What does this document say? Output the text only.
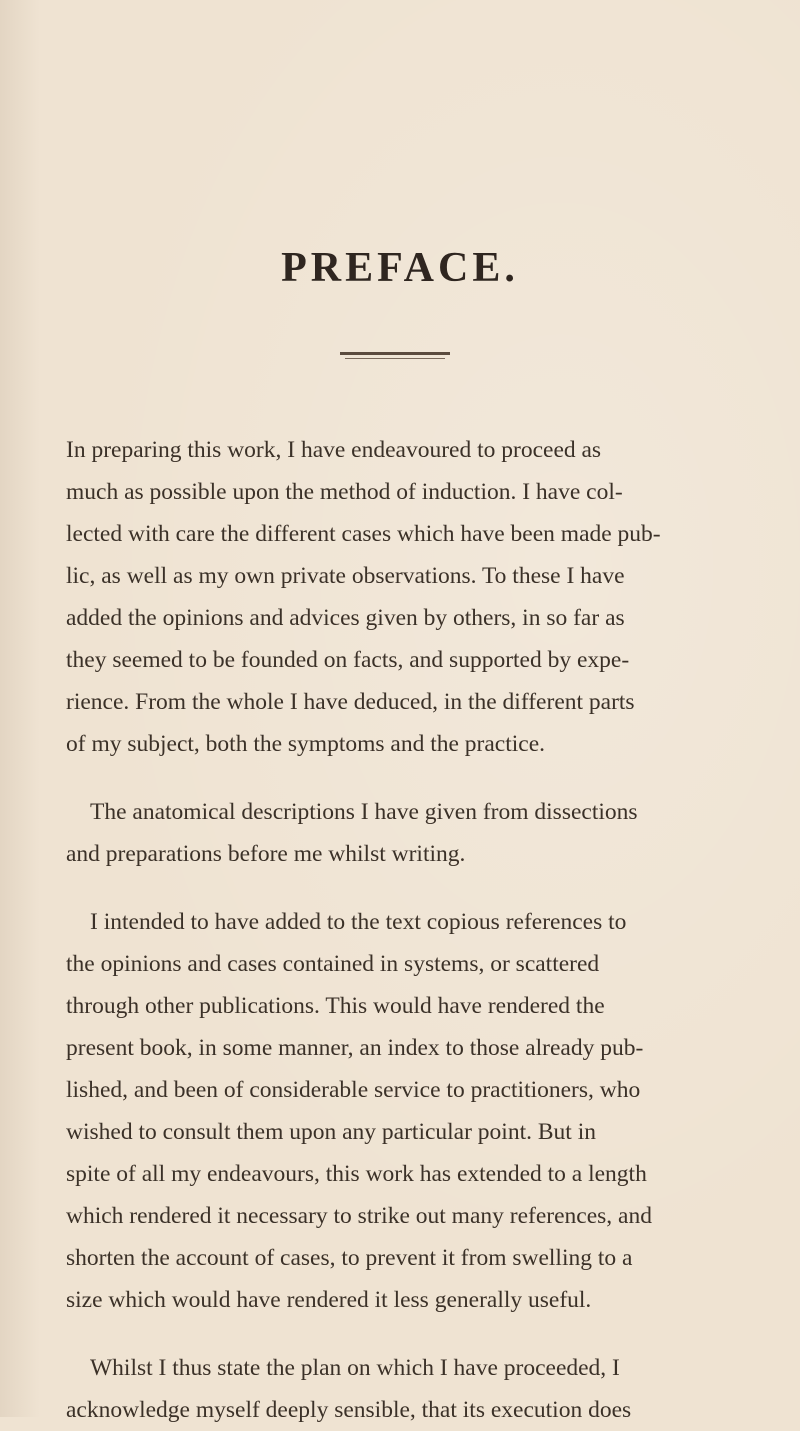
PREFACE.

In preparing this work, I have endeavoured to proceed as
much as possible upon the method of induction. I have col-
lected with care the different cases which have been made pub-
lic, as well as my own private observations. To these I have
added the opinions and advices given by others, in so far as
they seemed to be founded on facts, and supported by expe-
rience. From the whole I have deduced, in the different parts
of my subject, both the symptoms and the practice.

The anatomical descriptions I have given from dissections
and preparations before me whilst writing.

I intended to have added to the text copious references to
the opinions and cases contained in systems, or scattered
through other publications. This would have rendered the
present book, in some manner, an index to those already pub-
lished, and been of considerable service to practitioners, who
wished to consult them upon any particular point. But in
spite of all my endeavours, this work has extended to a length
which rendered it necessary to strike out many references, and
shorten the account of cases, to prevent it from swelling to a
size which would have rendered it less generally useful.

Whilst I thus state the plan on which I have proceeded, I
acknowledge myself deeply sensible, that its execution does
